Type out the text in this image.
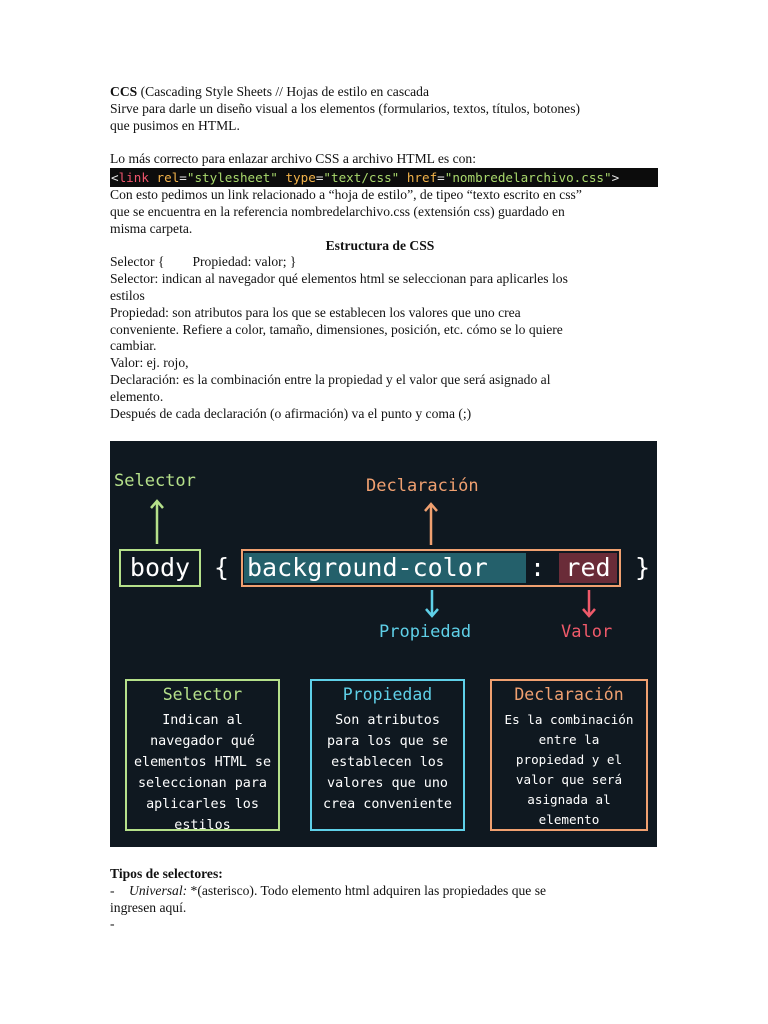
CCS (Cascading Style Sheets // Hojas de estilo en cascada

Sirve para darle un diseño visual a los elementos (formularios, textos, títulos, botones)

que pusimos en HTML.

Lo más correcto para enlazar archivo CSS a archivo HTML es con:

<link rel="stylesheet" type="text/css" href="nombredelarchivo.css">

Con esto pedimos un link relacionado a “hoja de estilo”, de tipeo “texto escrito en css”

que se encuentra en la referencia nombredelarchivo.css (extensión css) guardado en

misma carpeta.

Estructura de CSS

Selector { Propiedad: valor; }

Selector: indican al navegador qué elementos html se seleccionan para aplicarles los

estilos

Propiedad: son atributos para los que se establecen los valores que uno crea

conveniente. Refiere a color, tamaño, dimensiones, posición, etc. cómo se lo quiere

cambiar.

Valor: ej. rojo,

Declaración: es la combinación entre la propiedad y el valor que será asignado al

elemento.

Después de cada declaración (o afirmación) va el punto y coma (;)

Selector	Declaración
body { background-color	: red }
Propiedad	Valor
Selector
Indican al
navegador qué
elementos HTML se
seleccionan para
aplicarles los
estilos
Propiedad
Son atributos
para los que se
establecen los
valores que uno
crea conveniente
Declaración
Es la combinación
entre la
propiedad y el
valor que será
asignada al
elemento

Tipos de selectores:

- Universal: *(asterisco). Todo elemento html adquiren las propiedades que se

ingresen aquí.

-
